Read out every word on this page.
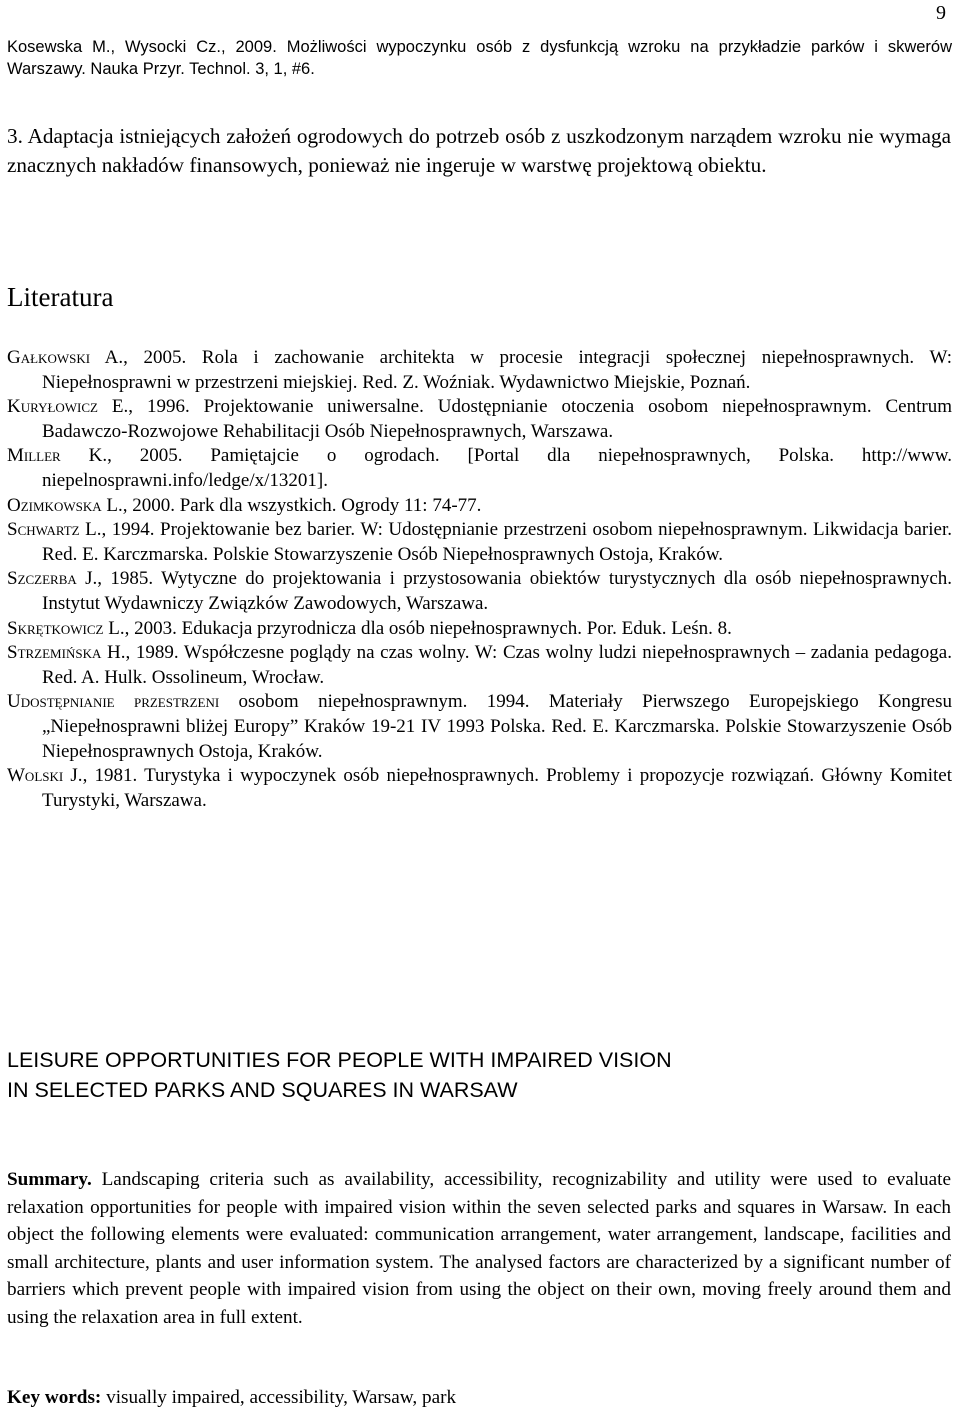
9
Kosewska M., Wysocki Cz., 2009. Możliwości wypoczynku osób z dysfunkcją wzroku na przykładzie parków i skwerów Warszawy. Nauka Przyr. Technol. 3, 1, #6.

3. Adaptacja istniejących założeń ogrodowych do potrzeb osób z uszkodzonym narządem wzroku nie wymaga znacznych nakładów finansowych, ponieważ nie ingeruje w warstwę projektową obiektu.

Literatura
Gałkowski A., 2005. Rola i zachowanie architekta w procesie integracji społecznej niepełnosprawnych. W: Niepełnosprawni w przestrzeni miejskiej. Red. Z. Woźniak. Wydawnictwo Miejskie, Poznań.
Kuryłowicz E., 1996. Projektowanie uniwersalne. Udostępnianie otoczenia osobom niepełnosprawnym. Centrum Badawczo-Rozwojowe Rehabilitacji Osób Niepełnosprawnych, Warszawa.
Miller K., 2005. Pamiętajcie o ogrodach. [Portal dla niepełnosprawnych, Polska. http://www. niepelnosprawni.info/ledge/x/13201].
Ozimkowska L., 2000. Park dla wszystkich. Ogrody 11: 74-77.
Schwartz L., 1994. Projektowanie bez barier. W: Udostępnianie przestrzeni osobom niepełnosprawnym. Likwidacja barier. Red. E. Karczmarska. Polskie Stowarzyszenie Osób Niepełnosprawnych Ostoja, Kraków.
Szczerba J., 1985. Wytyczne do projektowania i przystosowania obiektów turystycznych dla osób niepełnosprawnych. Instytut Wydawniczy Związków Zawodowych, Warszawa.
Skrętkowicz L., 2003. Edukacja przyrodnicza dla osób niepełnosprawnych. Por. Eduk. Leśn. 8.
Strzemińska H., 1989. Współczesne poglądy na czas wolny. W: Czas wolny ludzi niepełnosprawnych – zadania pedagoga. Red. A. Hulk. Ossolineum, Wrocław.
Udostępnianie przestrzeni osobom niepełnosprawnym. 1994. Materiały Pierwszego Europejskiego Kongresu „Niepełnosprawni bliżej Europy” Kraków 19-21 IV 1993 Polska. Red. E. Karczmarska. Polskie Stowarzyszenie Osób Niepełnosprawnych Ostoja, Kraków.
Wolski J., 1981. Turystyka i wypoczynek osób niepełnosprawnych. Problemy i propozycje rozwiązań. Główny Komitet Turystyki, Warszawa.
LEISURE OPPORTUNITIES FOR PEOPLE WITH IMPAIRED VISION
IN SELECTED PARKS AND SQUARES IN WARSAW

Summary. Landscaping criteria such as availability, accessibility, recognizability and utility were used to evaluate relaxation opportunities for people with impaired vision within the seven selected parks and squares in Warsaw. In each object the following elements were evaluated: communication arrangement, water arrangement, landscape, facilities and small architecture, plants and user information system. The analysed factors are characterized by a significant number of barriers which prevent people with impaired vision from using the object on their own, moving freely around them and using the relaxation area in full extent.

Key words: visually impaired, accessibility, Warsaw, park
